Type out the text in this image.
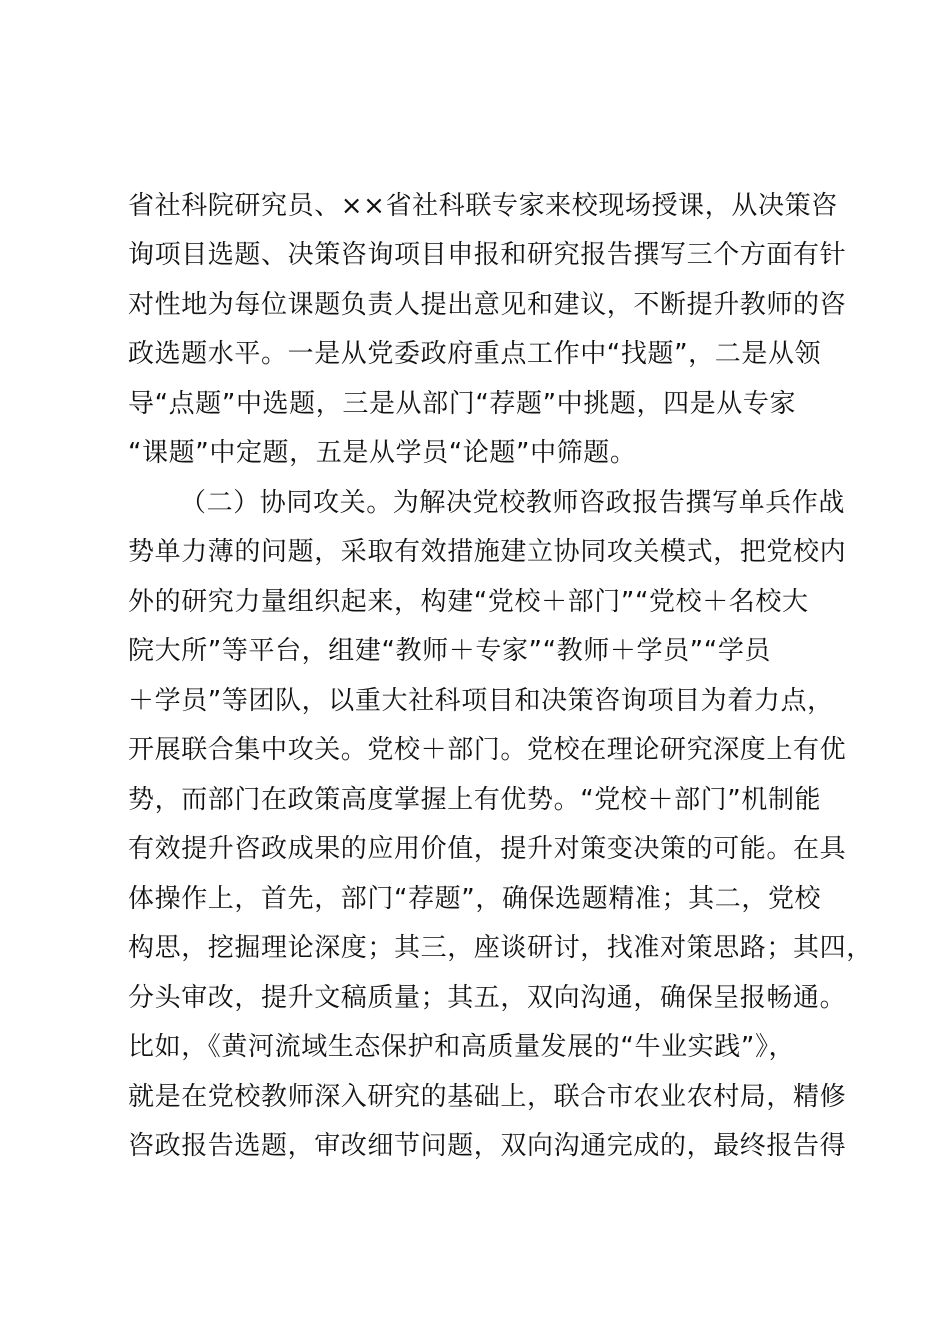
省社科院研究员、××省社科联专家来校现场授课，从决策咨
询项目选题、决策咨询项目申报和研究报告撰写三个方面有针
对性地为每位课题负责人提出意见和建议，不断提升教师的咨
政选题水平。一是从党委政府重点工作中“找题”，二是从领
导“点题”中选题，三是从部门“荐题”中挑题，四是从专家
“课题”中定题，五是从学员“论题”中筛题。
（二）协同攻关。为解决党校教师咨政报告撰写单兵作战
势单力薄的问题，采取有效措施建立协同攻关模式，把党校内
外的研究力量组织起来，构建“党校＋部门”“党校＋名校大
院大所”等平台，组建“教师＋专家”“教师＋学员”“学员
＋学员”等团队，以重大社科项目和决策咨询项目为着力点，
开展联合集中攻关。党校＋部门。党校在理论研究深度上有优
势，而部门在政策高度掌握上有优势。“党校＋部门”机制能
有效提升咨政成果的应用价值，提升对策变决策的可能。在具
体操作上，首先，部门“荐题”，确保选题精准；其二，党校
构思，挖掘理论深度；其三，座谈研讨，找准对策思路；其四，
分头审改，提升文稿质量；其五，双向沟通，确保呈报畅通。
比如，《黄河流域生态保护和高质量发展的“牛业实践”》，
就是在党校教师深入研究的基础上，联合市农业农村局，精修
咨政报告选题，审改细节问题，双向沟通完成的，最终报告得
